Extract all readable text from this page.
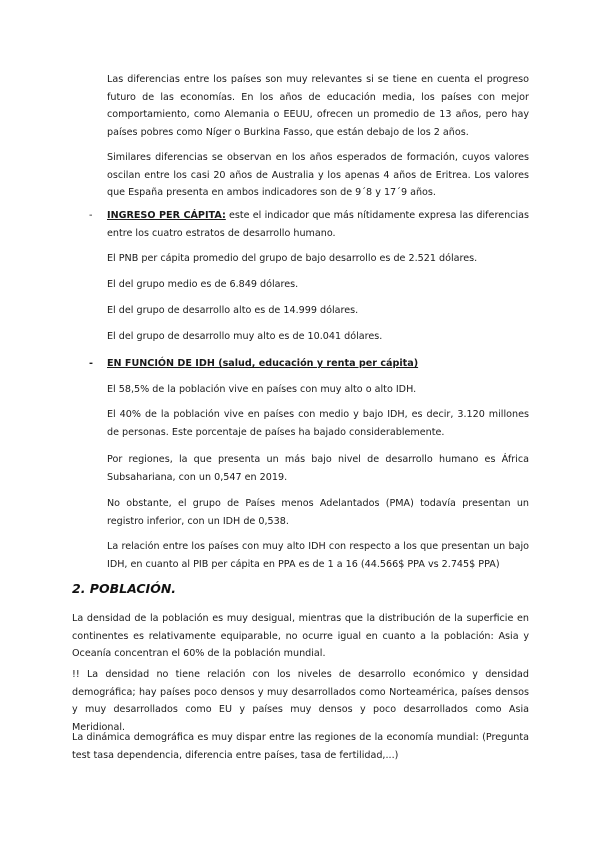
Las diferencias entre los países son muy relevantes si se tiene en cuenta el progreso futuro de las economías. En los años de educación media, los países con mejor comportamiento, como Alemania o EEUU, ofrecen un promedio de 13 años, pero hay países pobres como Níger o Burkina Fasso, que están debajo de los 2 años.

Similares diferencias se observan en los años esperados de formación, cuyos valores oscilan entre los casi 20 años de Australia y los apenas 4 años de Eritrea. Los valores que España presenta en ambos indicadores son de 9´8 y 17´9 años.

- INGRESO PER CÁPITA: este el indicador que más nítidamente expresa las diferencias entre los cuatro estratos de desarrollo humano.

El PNB per cápita promedio del grupo de bajo desarrollo es de 2.521 dólares.

El del grupo medio es de 6.849 dólares.

El del grupo de desarrollo alto es de 14.999 dólares.

El del grupo de desarrollo muy alto es de 10.041 dólares.

- EN FUNCIÓN DE IDH (salud, educación y renta per cápita)

El 58,5% de la población vive en países con muy alto o alto IDH.

El 40% de la población vive en países con medio y bajo IDH, es decir, 3.120 millones de personas. Este porcentaje de países ha bajado considerablemente.

Por regiones, la que presenta un más bajo nivel de desarrollo humano es África Subsahariana, con un 0,547 en 2019.

No obstante, el grupo de Países menos Adelantados (PMA) todavía presentan un registro inferior, con un IDH de 0,538.

La relación entre los países con muy alto IDH con respecto a los que presentan un bajo IDH, en cuanto al PIB per cápita en PPA es de 1 a 16 (44.566$ PPA vs 2.745$ PPA)

2. POBLACIÓN.

La densidad de la población es muy desigual, mientras que la distribución de la superficie en continentes es relativamente equiparable, no ocurre igual en cuanto a la población: Asia y Oceanía concentran el 60% de la población mundial.

!! La densidad no tiene relación con los niveles de desarrollo económico y densidad demográfica; hay países poco densos y muy desarrollados como Norteamérica, países densos y muy desarrollados como EU y países muy densos y poco desarrollados como Asia Meridional.

La dinámica demográfica es muy dispar entre las regiones de la economía mundial: (Pregunta test tasa dependencia, diferencia entre países, tasa de fertilidad,...)
